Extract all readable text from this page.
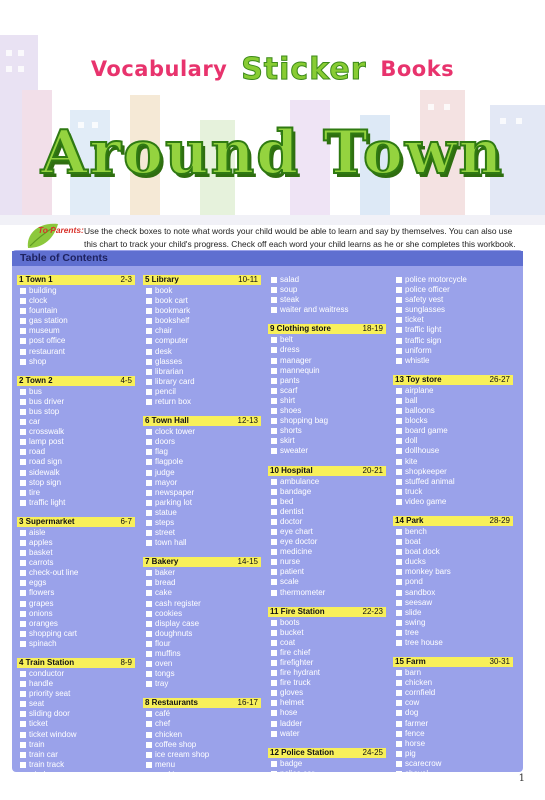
Vocabulary Sticker Books
Around Town
To Parents: Use the check boxes to note what words your child would be able to learn and say by themselves. You can also use this chart to track your child's progress. Check off each word your child learns as he or she completes this workbook.
Table of Contents
1 Town 1	2-3
building
clock
fountain
gas station
museum
post office
restaurant
shop
2 Town 2	4-5
bus
bus driver
bus stop
car
crosswalk
lamp post
road
road sign
sidewalk
stop sign
tire
traffic light
3 Supermarket	6-7
aisle
apples
basket
carrots
check-out line
eggs
flowers
grapes
onions
oranges
shopping cart
spinach
4 Train Station	8-9
conductor
handle
priority seat
seat
sliding door
ticket
ticket window
train
train car
train track
window
yellow line
5 Library	10-11
book
book cart
bookmark
bookshelf
chair
computer
desk
glasses
librarian
library card
pencil
return box
6 Town Hall	12-13
clock tower
doors
flag
flagpole
judge
mayor
newspaper
parking lot
statue
steps
street
town hall
7 Bakery	14-15
baker
bread
cake
cash register
cookies
display case
doughnuts
flour
muffins
oven
tongs
tray
8 Restaurants	16-17
café
chef
chicken
coffee shop
ice cream shop
menu
napkin
pizza shop
salad
soup
steak
waiter and waitress
9 Clothing store	18-19
belt
dress
manager
mannequin
pants
scarf
shirt
shoes
shopping bag
shorts
skirt
sweater
10 Hospital	20-21
ambulance
bandage
bed
dentist
doctor
eye chart
eye doctor
medicine
nurse
patient
scale
thermometer
11 Fire Station	22-23
boots
bucket
coat
fire chief
firefighter
fire hydrant
fire truck
gloves
helmet
hose
ladder
water
12 Police Station	24-25
badge
police car
police chief
police motorcycle
police officer
safety vest
sunglasses
ticket
traffic light
traffic sign
uniform
whistle
13 Toy store	26-27
airplane
ball
balloons
blocks
board game
doll
dollhouse
kite
shopkeeper
stuffed animal
truck
video game
14 Park	28-29
bench
boat
boat dock
ducks
monkey bars
pond
sandbox
seesaw
slide
swing
tree
tree house
15 Farm	30-31
barn
chicken
cornfield
cow
dog
farmer
fence
horse
pig
scarecrow
shovel
tractor	1
